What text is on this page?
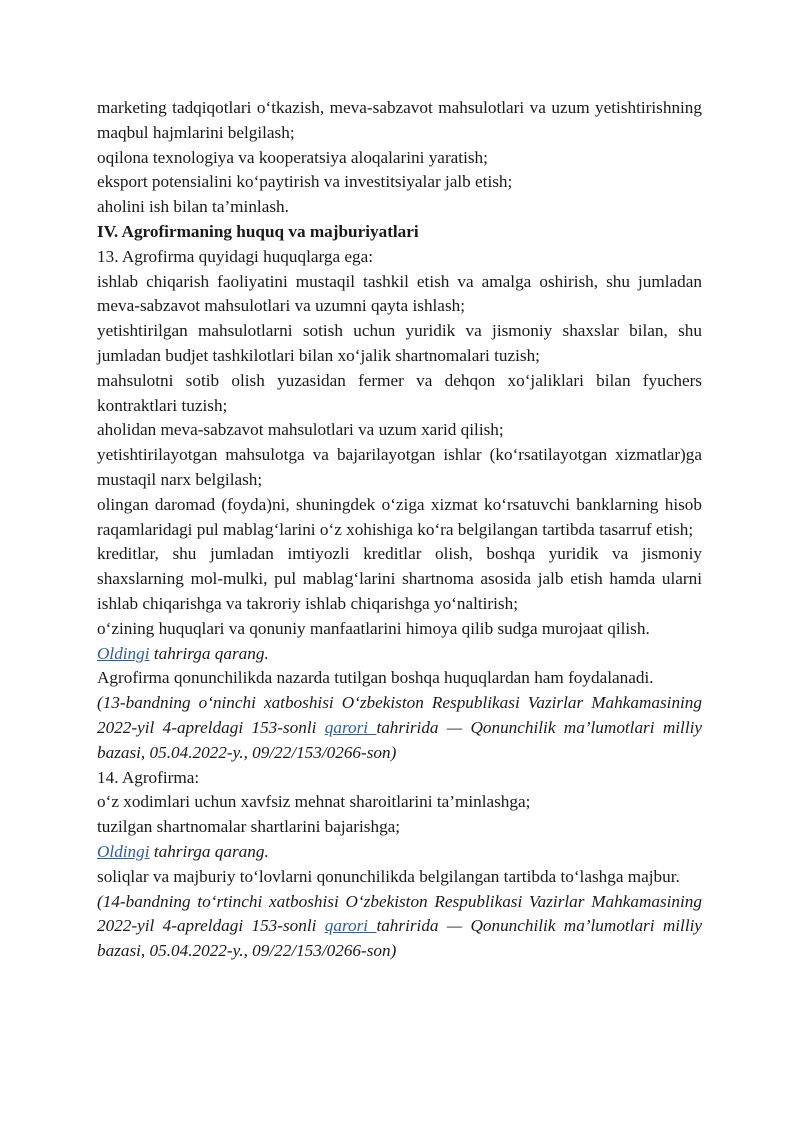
marketing tadqiqotlari o‘tkazish, meva-sabzavot mahsulotlari va uzum yetishtirishning maqbul hajmlarini belgilash;

oqilona texnologiya va kooperatsiya aloqalarini yaratish;

eksport potensialini ko‘paytirish va investitsiyalar jalb etish;

aholini ish bilan ta’minlash.

IV. Agrofirmaning huquq va majburiyatlari

13. Agrofirma quyidagi huquqlarga ega:

ishlab chiqarish faoliyatini mustaqil tashkil etish va amalga oshirish, shu jumladan meva-sabzavot mahsulotlari va uzumni qayta ishlash;

yetishtirilgan mahsulotlarni sotish uchun yuridik va jismoniy shaxslar bilan, shu jumladan budjet tashkilotlari bilan xo‘jalik shartnomalari tuzish;

mahsulotni sotib olish yuzasidan fermer va dehqon xo‘jaliklari bilan fyuchers kontraktlari tuzish;

aholidan meva-sabzavot mahsulotlari va uzum xarid qilish;

yetishtirilayotgan mahsulotga va bajarilayotgan ishlar (ko‘rsatilayotgan xizmatlar)ga mustaqil narx belgilash;

olingan daromad (foyda)ni, shuningdek o‘ziga xizmat ko‘rsatuvchi banklarning hisob raqamlaridagi pul mablag‘larini o‘z xohishiga ko‘ra belgilangan tartibda tasarruf etish;

kreditlar, shu jumladan imtiyozli kreditlar olish, boshqa yuridik va jismoniy shaxslarning mol-mulki, pul mablag‘larini shartnoma asosida jalb etish hamda ularni ishlab chiqarishga va takroriy ishlab chiqarishga yo‘naltirish;

o‘zining huquqlari va qonuniy manfaatlarini himoya qilib sudga murojaat qilish.

Oldingi tahrirga qarang.

Agrofirma qonunchilikda nazarda tutilgan boshqa huquqlardan ham foydalanadi.

(13-bandning o‘ninchi xatboshisi O‘zbekiston Respublikasi Vazirlar Mahkamasining 2022-yil 4-apreldagi 153-sonli qarori tahririda — Qonunchilik ma’lumotlari milliy bazasi, 05.04.2022-y., 09/22/153/0266-son)

14. Agrofirma:

o‘z xodimlari uchun xavfsiz mehnat sharoitlarini ta’minlashga;

tuzilgan shartnomalar shartlarini bajarishga;

Oldingi tahrirga qarang.

soliqlar va majburiy to‘lovlarni qonunchilikda belgilangan tartibda to‘lashga majbur.

(14-bandning to‘rtinchi xatboshisi O‘zbekiston Respublikasi Vazirlar Mahkamasining 2022-yil 4-apreldagi 153-sonli qarori tahririda — Qonunchilik ma’lumotlari milliy bazasi, 05.04.2022-y., 09/22/153/0266-son)
